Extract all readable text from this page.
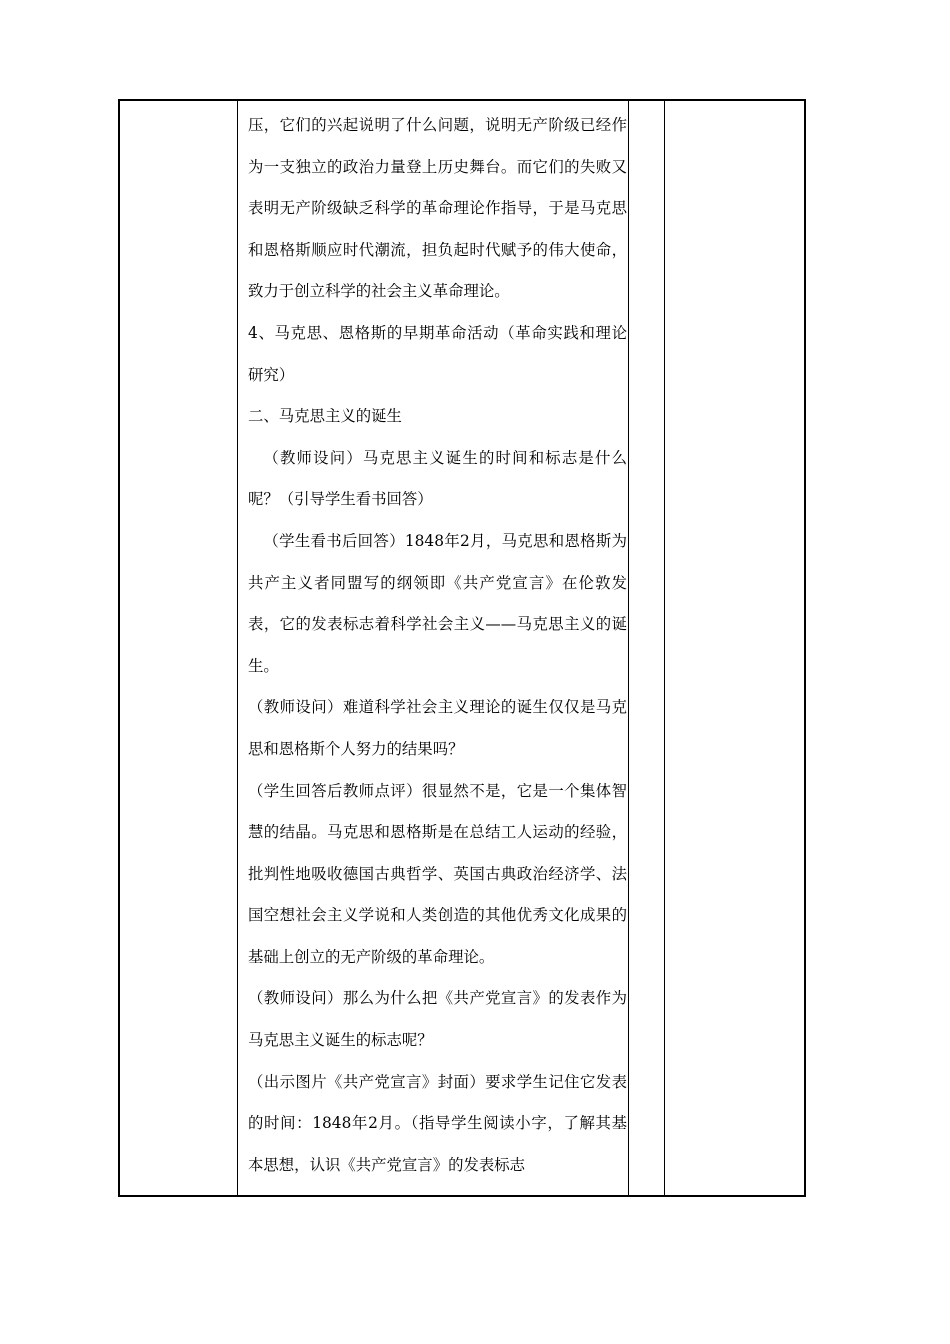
压，它们的兴起说明了什么问题，说明无产阶级已经作为一支独立的政治力量登上历史舞台。而它们的失败又表明无产阶级缺乏科学的革命理论作指导，于是马克思和恩格斯顺应时代潮流，担负起时代赋予的伟大使命，致力于创立科学的社会主义革命理论。

4、马克思、恩格斯的早期革命活动（革命实践和理论研究）

二、马克思主义的诞生

（教师设问）马克思主义诞生的时间和标志是什么呢？（引导学生看书回答）

（学生看书后回答）1848年2月，马克思和恩格斯为共产主义者同盟写的纲领即《共产党宣言》在伦敦发表，它的发表标志着科学社会主义——马克思主义的诞生。

（教师设问）难道科学社会主义理论的诞生仅仅是马克思和恩格斯个人努力的结果吗？

（学生回答后教师点评）很显然不是，它是一个集体智慧的结晶。马克思和恩格斯是在总结工人运动的经验，批判性地吸收德国古典哲学、英国古典政治经济学、法国空想社会主义学说和人类创造的其他优秀文化成果的基础上创立的无产阶级的革命理论。

（教师设问）那么为什么把《共产党宣言》的发表作为马克思主义诞生的标志呢？

（出示图片《共产党宣言》封面）要求学生记住它发表的时间：1848年2月。（指导学生阅读小字，了解其基本思想，认识《共产党宣言》的发表标志
